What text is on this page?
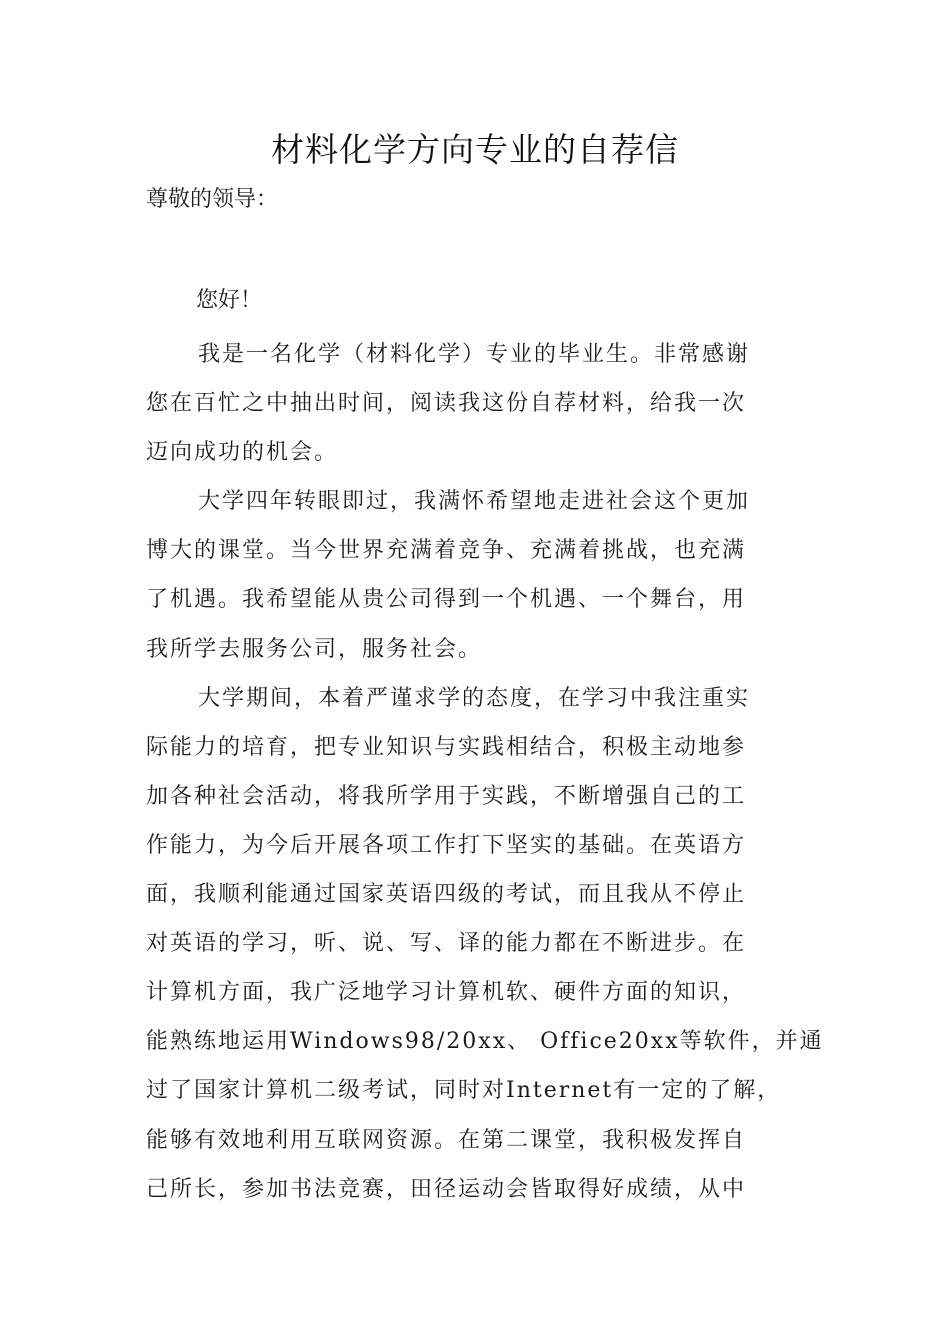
材料化学方向专业的自荐信
尊敬的领导：
您好！
我是一名化学（材料化学）专业的毕业生。非常感谢
您在百忙之中抽出时间，阅读我这份自荐材料，给我一次
迈向成功的机会。
大学四年转眼即过，我满怀希望地走进社会这个更加
博大的课堂。当今世界充满着竞争、充满着挑战，也充满
了机遇。我希望能从贵公司得到一个机遇、一个舞台，用
我所学去服务公司，服务社会。
大学期间，本着严谨求学的态度，在学习中我注重实
际能力的培育，把专业知识与实践相结合，积极主动地参
加各种社会活动，将我所学用于实践，不断增强自己的工
作能力，为今后开展各项工作打下坚实的基础。在英语方
面，我顺利能通过国家英语四级的考试，而且我从不停止
对英语的学习，听、说、写、译的能力都在不断进步。在
计算机方面，我广泛地学习计算机软、硬件方面的知识，
能熟练地运用Windows98/20xx、 Office20xx等软件，并通
过了国家计算机二级考试，同时对Internet有一定的了解，
能够有效地利用互联网资源。在第二课堂，我积极发挥自
己所长，参加书法竞赛，田径运动会皆取得好成绩，从中
